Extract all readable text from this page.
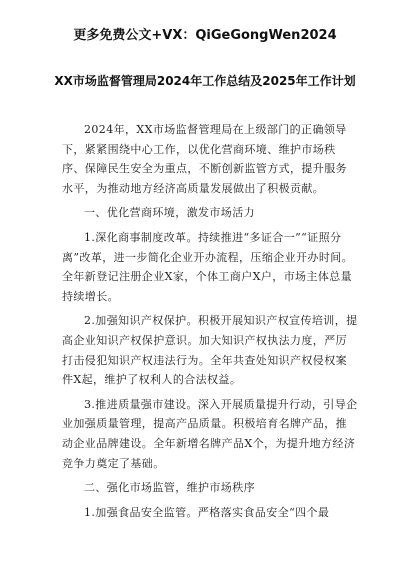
更多免费公文+VX：QiGeGongWen2024
XX市场监督管理局2024年工作总结及2025年工作计划

2024年，XX市场监督管理局在上级部门的正确领导下，紧紧围绕中心工作，以优化营商环境、维护市场秩序、保障民生安全为重点，不断创新监管方式，提升服务水平，为推动地方经济高质量发展做出了积极贡献。

一、优化营商环境，激发市场活力

1.深化商事制度改革。持续推进“多证合一”“证照分离”改革，进一步简化企业开办流程，压缩企业开办时间。全年新登记注册企业X家，个体工商户X户，市场主体总量持续增长。

2.加强知识产权保护。积极开展知识产权宣传培训，提高企业知识产权保护意识。加大知识产权执法力度，严厉打击侵犯知识产权违法行为。全年共查处知识产权侵权案件X起，维护了权利人的合法权益。

3.推进质量强市建设。深入开展质量提升行动，引导企业加强质量管理，提高产品质量。积极培育名牌产品，推动企业品牌建设。全年新增名牌产品X个，为提升地方经济竞争力奠定了基础。

二、强化市场监管，维护市场秩序

1.加强食品安全监管。严格落实食品安全“四个最
